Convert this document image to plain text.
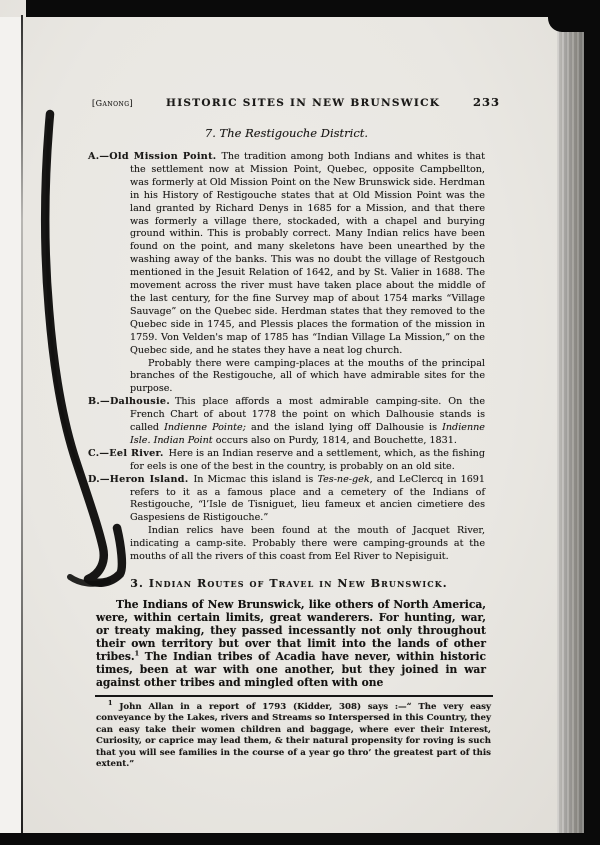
[Ganong]	HISTORIC SITES IN NEW BRUNSWICK	233
7. The Restigouche District.

A.—Old Mission Point. The tradition among both Indians and whites is that the settlement now at Mission Point, Quebec, opposite Campbellton, was formerly at Old Mission Point on the New Brunswick side. Herdman in his History of Restigouche states that at Old Mission Point was the land granted by Richard Denys in 1685 for a Mission, and that there was formerly a village there, stockaded, with a chapel and burying ground within. This is probably correct. Many Indian relics have been found on the point, and many skeletons have been unearthed by the washing away of the banks. This was no doubt the village of Restgouch mentioned in the Jesuit Relation of 1642, and by St. Valier in 1688. The movement across the river must have taken place about the middle of the last century, for the fine Survey map of about 1754 marks “Village Sauvage” on the Quebec side. Herdman states that they removed to the Quebec side in 1745, and Plessis places the formation of the mission in 1759. Von Velden's map of 1785 has “Indian Village La Mission,” on the Quebec side, and he states they have a neat log church.

Probably there were camping-places at the mouths of the principal branches of the Restigouche, all of which have admirable sites for the purpose.

B.—Dalhousie. This place affords a most admirable camping-site. On the French Chart of about 1778 the point on which Dalhousie stands is called Indienne Pointe; and the island lying off Dalhousie is Indienne Isle. Indian Point occurs also on Purdy, 1814, and Bouchette, 1831.

C.—Eel River. Here is an Indian reserve and a settlement, which, as the fishing for eels is one of the best in the country, is probably on an old site.

D.—Heron Island. In Micmac this island is Tes-ne-gek, and LeClercq in 1691 refers to it as a famous place and a cemetery of the Indians of Restigouche, “l’Isle de Tisniguet, lieu fameux et ancien cimetiere des Gaspesiens de Ristigouche.”

Indian relics have been found at the mouth of Jacquet River, indicating a camp-site. Probably there were camping-grounds at the mouths of all the rivers of this coast from Eel River to Nepisiguit.

3. Indian Routes of Travel in New Brunswick.

The Indians of New Brunswick, like others of North America, were, within certain limits, great wanderers. For hunting, war, or treaty making, they passed incessantly not only throughout their own territory but over that limit into the lands of other tribes.$^1$ The Indian tribes of Acadia have never, within historic times, been at war with one another, but they joined in war against other tribes and mingled often with one

$^1$ John Allan in a report of 1793 (Kidder, 308) says :—“ The very easy conveyance by the Lakes, rivers and Streams so Interspersed in this Country, they can easy take their women children and baggage, where ever their Interest, Curiosity, or caprice may lead them, & their natural propensity for roving is such that you will see families in the course of a year go thro’ the greatest part of this extent.”
